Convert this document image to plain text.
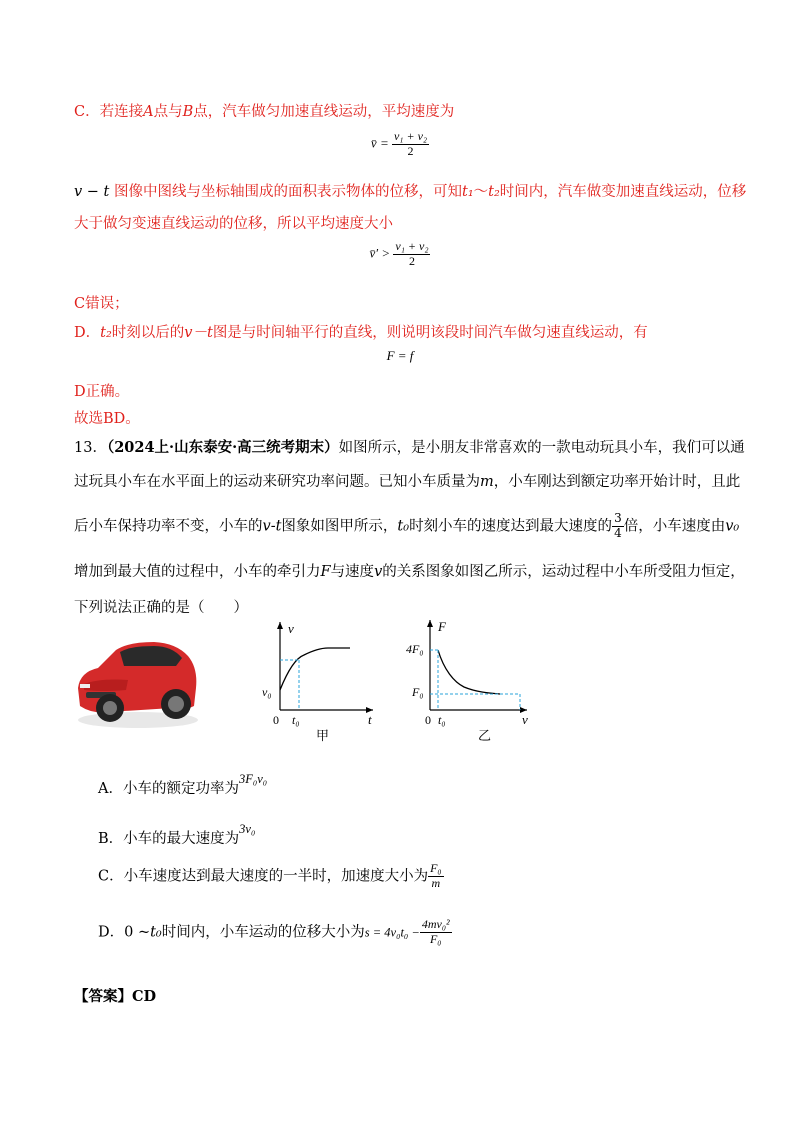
C．若连接A点与B点，汽车做匀加速直线运动，平均速度为
v̄ = $\frac{\text{v₁ + v₂}}{2}$
v − t 图像中图线与坐标轴围成的面积表示物体的位移，可知t₁～t₂时间内，汽车做变加速直线运动，位移
大于做匀变速直线运动的位移，所以平均速度大小
v̄′ > $\frac{\text{v₁ + v₂}}{2}$
C错误；
D．t₂时刻以后的v－t图是与时间轴平行的直线，则说明该段时间汽车做匀速直线运动，有
F = f
D正确。
故选BD。
13．（2024上·山东泰安·高三统考期末）如图所示，是小朋友非常喜欢的一款电动玩具小车，我们可以通
过玩具小车在水平面上的运动来研究功率问题。已知小车质量为m，小车刚达到额定功率开始计时，且此
后小车保持功率不变，小车的v-t图象如图甲所示，t₀时刻小车的速度达到最大速度的 $\frac{3}{4}$ 倍，小车速度由v₀
增加到最大值的过程中，小车的牵引力F与速度v的关系图象如图乙所示，运动过程中小车所受阻力恒定，
下列说法正确的是（　　）
v
t
0
v₀
t₀
甲
F
v
0
4F₀
F₀
t₀
乙
A．小车的额定功率为3F₀v₀
B．小车的最大速度为3v₀
C．小车速度达到最大速度的一半时，加速度大小为 $\frac{\text{F₀}}{m}$
D．0 ~t₀时间内，小车运动的位移大小为$s = 4v_0t_0 - \frac{\text{4mv₀²}}{\text{F₀}}$
【答案】CD
